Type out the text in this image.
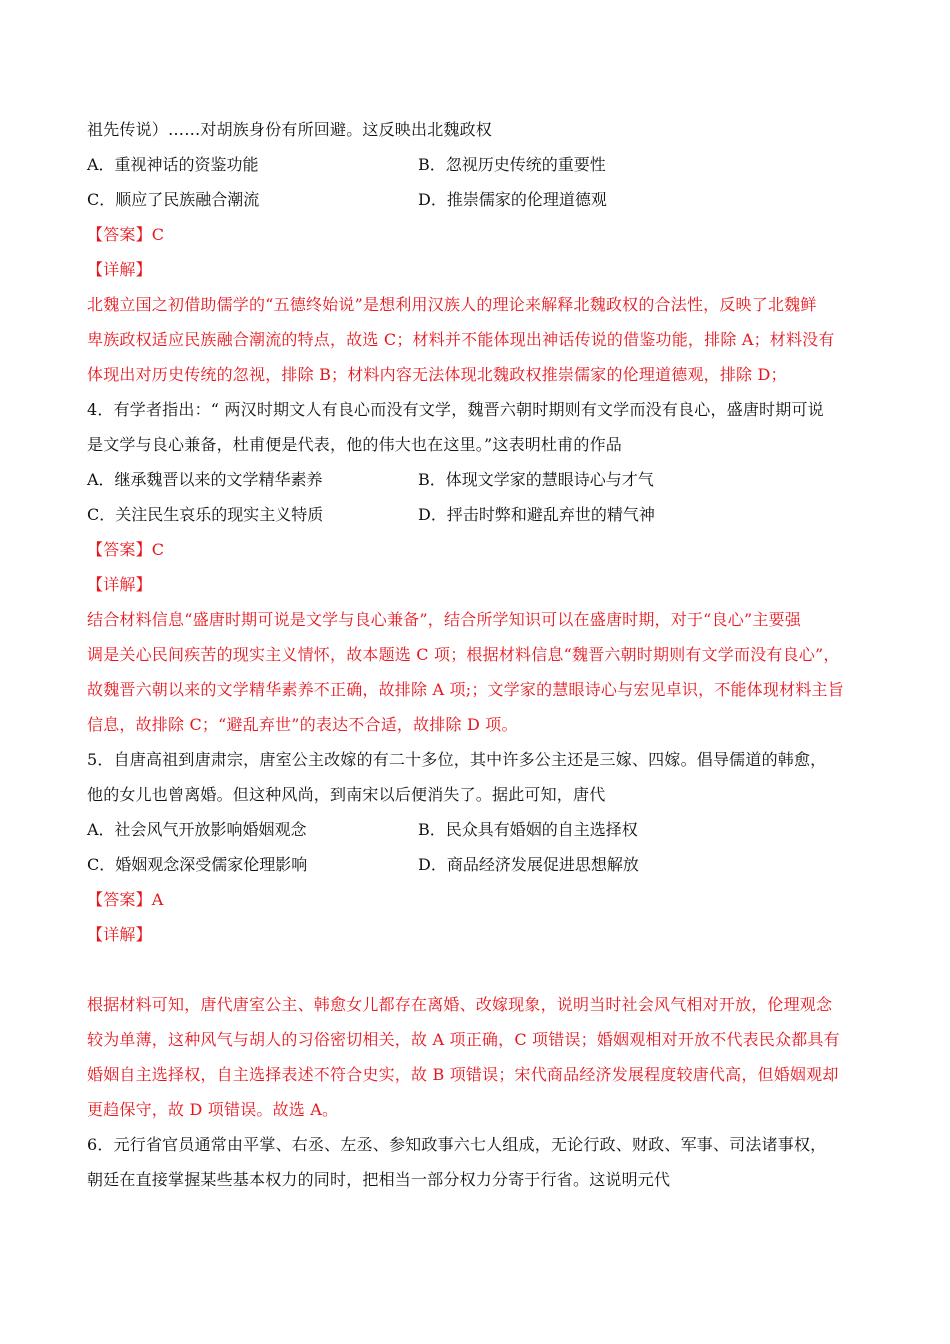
祖先传说）……对胡族身份有所回避。这反映出北魏政权
A．重视神话的资鉴功能	B．忽视历史传统的重要性
C．顺应了民族融合潮流	D．推崇儒家的伦理道德观
【答案】C
【详解】
北魏立国之初借助儒学的“五德终始说”是想利用汉族人的理论来解释北魏政权的合法性，反映了北魏鲜
卑族政权适应民族融合潮流的特点，故选 C；材料并不能体现出神话传说的借鉴功能，排除 A；材料没有
体现出对历史传统的忽视，排除 B；材料内容无法体现北魏政权推崇儒家的伦理道德观，排除 D；
4．有学者指出：“ 两汉时期文人有良心而没有文学，魏晋六朝时期则有文学而没有良心，盛唐时期可说
是文学与良心兼备，杜甫便是代表，他的伟大也在这里。”这表明杜甫的作品
A．继承魏晋以来的文学精华素养	B．体现文学家的慧眼诗心与才气
C．关注民生哀乐的现实主义特质	D．抨击时弊和避乱弃世的精气神
【答案】C
【详解】
结合材料信息“盛唐时期可说是文学与良心兼备”，结合所学知识可以在盛唐时期，对于“良心”主要强
调是关心民间疾苦的现实主义情怀，故本题选 C 项；根据材料信息“魏晋六朝时期则有文学而没有良心”，
故魏晋六朝以来的文学精华素养不正确，故排除 A 项;；文学家的慧眼诗心与宏见卓识，不能体现材料主旨
信息，故排除 C；“避乱弃世”的表达不合适，故排除 D 项。
5．自唐高祖到唐肃宗，唐室公主改嫁的有二十多位，其中许多公主还是三嫁、四嫁。倡导儒道的韩愈，
他的女儿也曾离婚。但这种风尚，到南宋以后便消失了。据此可知，唐代
A．社会风气开放影响婚姻观念	B．民众具有婚姻的自主选择权
C．婚姻观念深受儒家伦理影响	D．商品经济发展促进思想解放
【答案】A
【详解】
根据材料可知，唐代唐室公主、韩愈女儿都存在离婚、改嫁现象，说明当时社会风气相对开放，伦理观念
较为单薄，这种风气与胡人的习俗密切相关，故 A 项正确，C 项错误；婚姻观相对开放不代表民众都具有
婚姻自主选择权，自主选择表述不符合史实，故 B 项错误；宋代商品经济发展程度较唐代高，但婚姻观却
更趋保守，故 D 项错误。故选 A。
6．元行省官员通常由平掌、右丞、左丞、参知政事六七人组成，无论行政、财政、军事、司法诸事权，
朝廷在直接掌握某些基本权力的同时，把相当一部分权力分寄于行省。这说明元代
